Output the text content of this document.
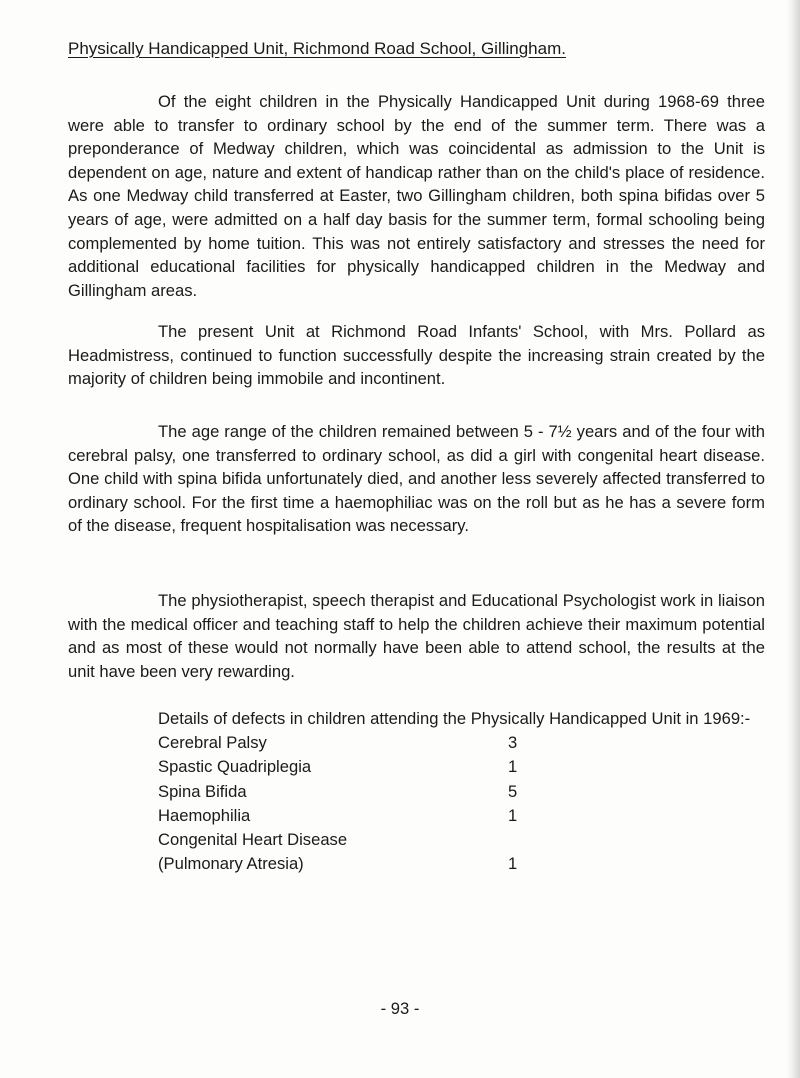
Physically Handicapped Unit, Richmond Road School, Gillingham.

Of the eight children in the Physically Handicapped Unit during 1968-69 three were able to transfer to ordinary school by the end of the summer term. There was a preponderance of Medway children, which was coincidental as admission to the Unit is dependent on age, nature and extent of handicap rather than on the child's place of residence. As one Medway child transferred at Easter, two Gillingham children, both spina bifidas over 5 years of age, were admitted on a half day basis for the summer term, formal schooling being complemented by home tuition. This was not entirely satisfactory and stresses the need for additional educational facilities for physically handicapped children in the Medway and Gillingham areas.

The present Unit at Richmond Road Infants' School, with Mrs. Pollard as Headmistress, continued to function successfully despite the increasing strain created by the majority of children being immobile and incontinent.

The age range of the children remained between 5 - 7½ years and of the four with cerebral palsy, one transferred to ordinary school, as did a girl with congenital heart disease. One child with spina bifida unfortunately died, and another less severely affected transferred to ordinary school. For the first time a haemophiliac was on the roll but as he has a severe form of the disease, frequent hospitalisation was necessary.

The physiotherapist, speech therapist and Educational Psychologist work in liaison with the medical officer and teaching staff to help the children achieve their maximum potential and as most of these would not normally have been able to attend school, the results at the unit have been very rewarding.

Details of defects in children attending the Physically Handicapped Unit in 1969:-

Cerebral Palsy	3
Spastic Quadriplegia	1
Spina Bifida	5
Haemophilia	1
Congenital Heart Disease
(Pulmonary Atresia)	1
- 93 -
